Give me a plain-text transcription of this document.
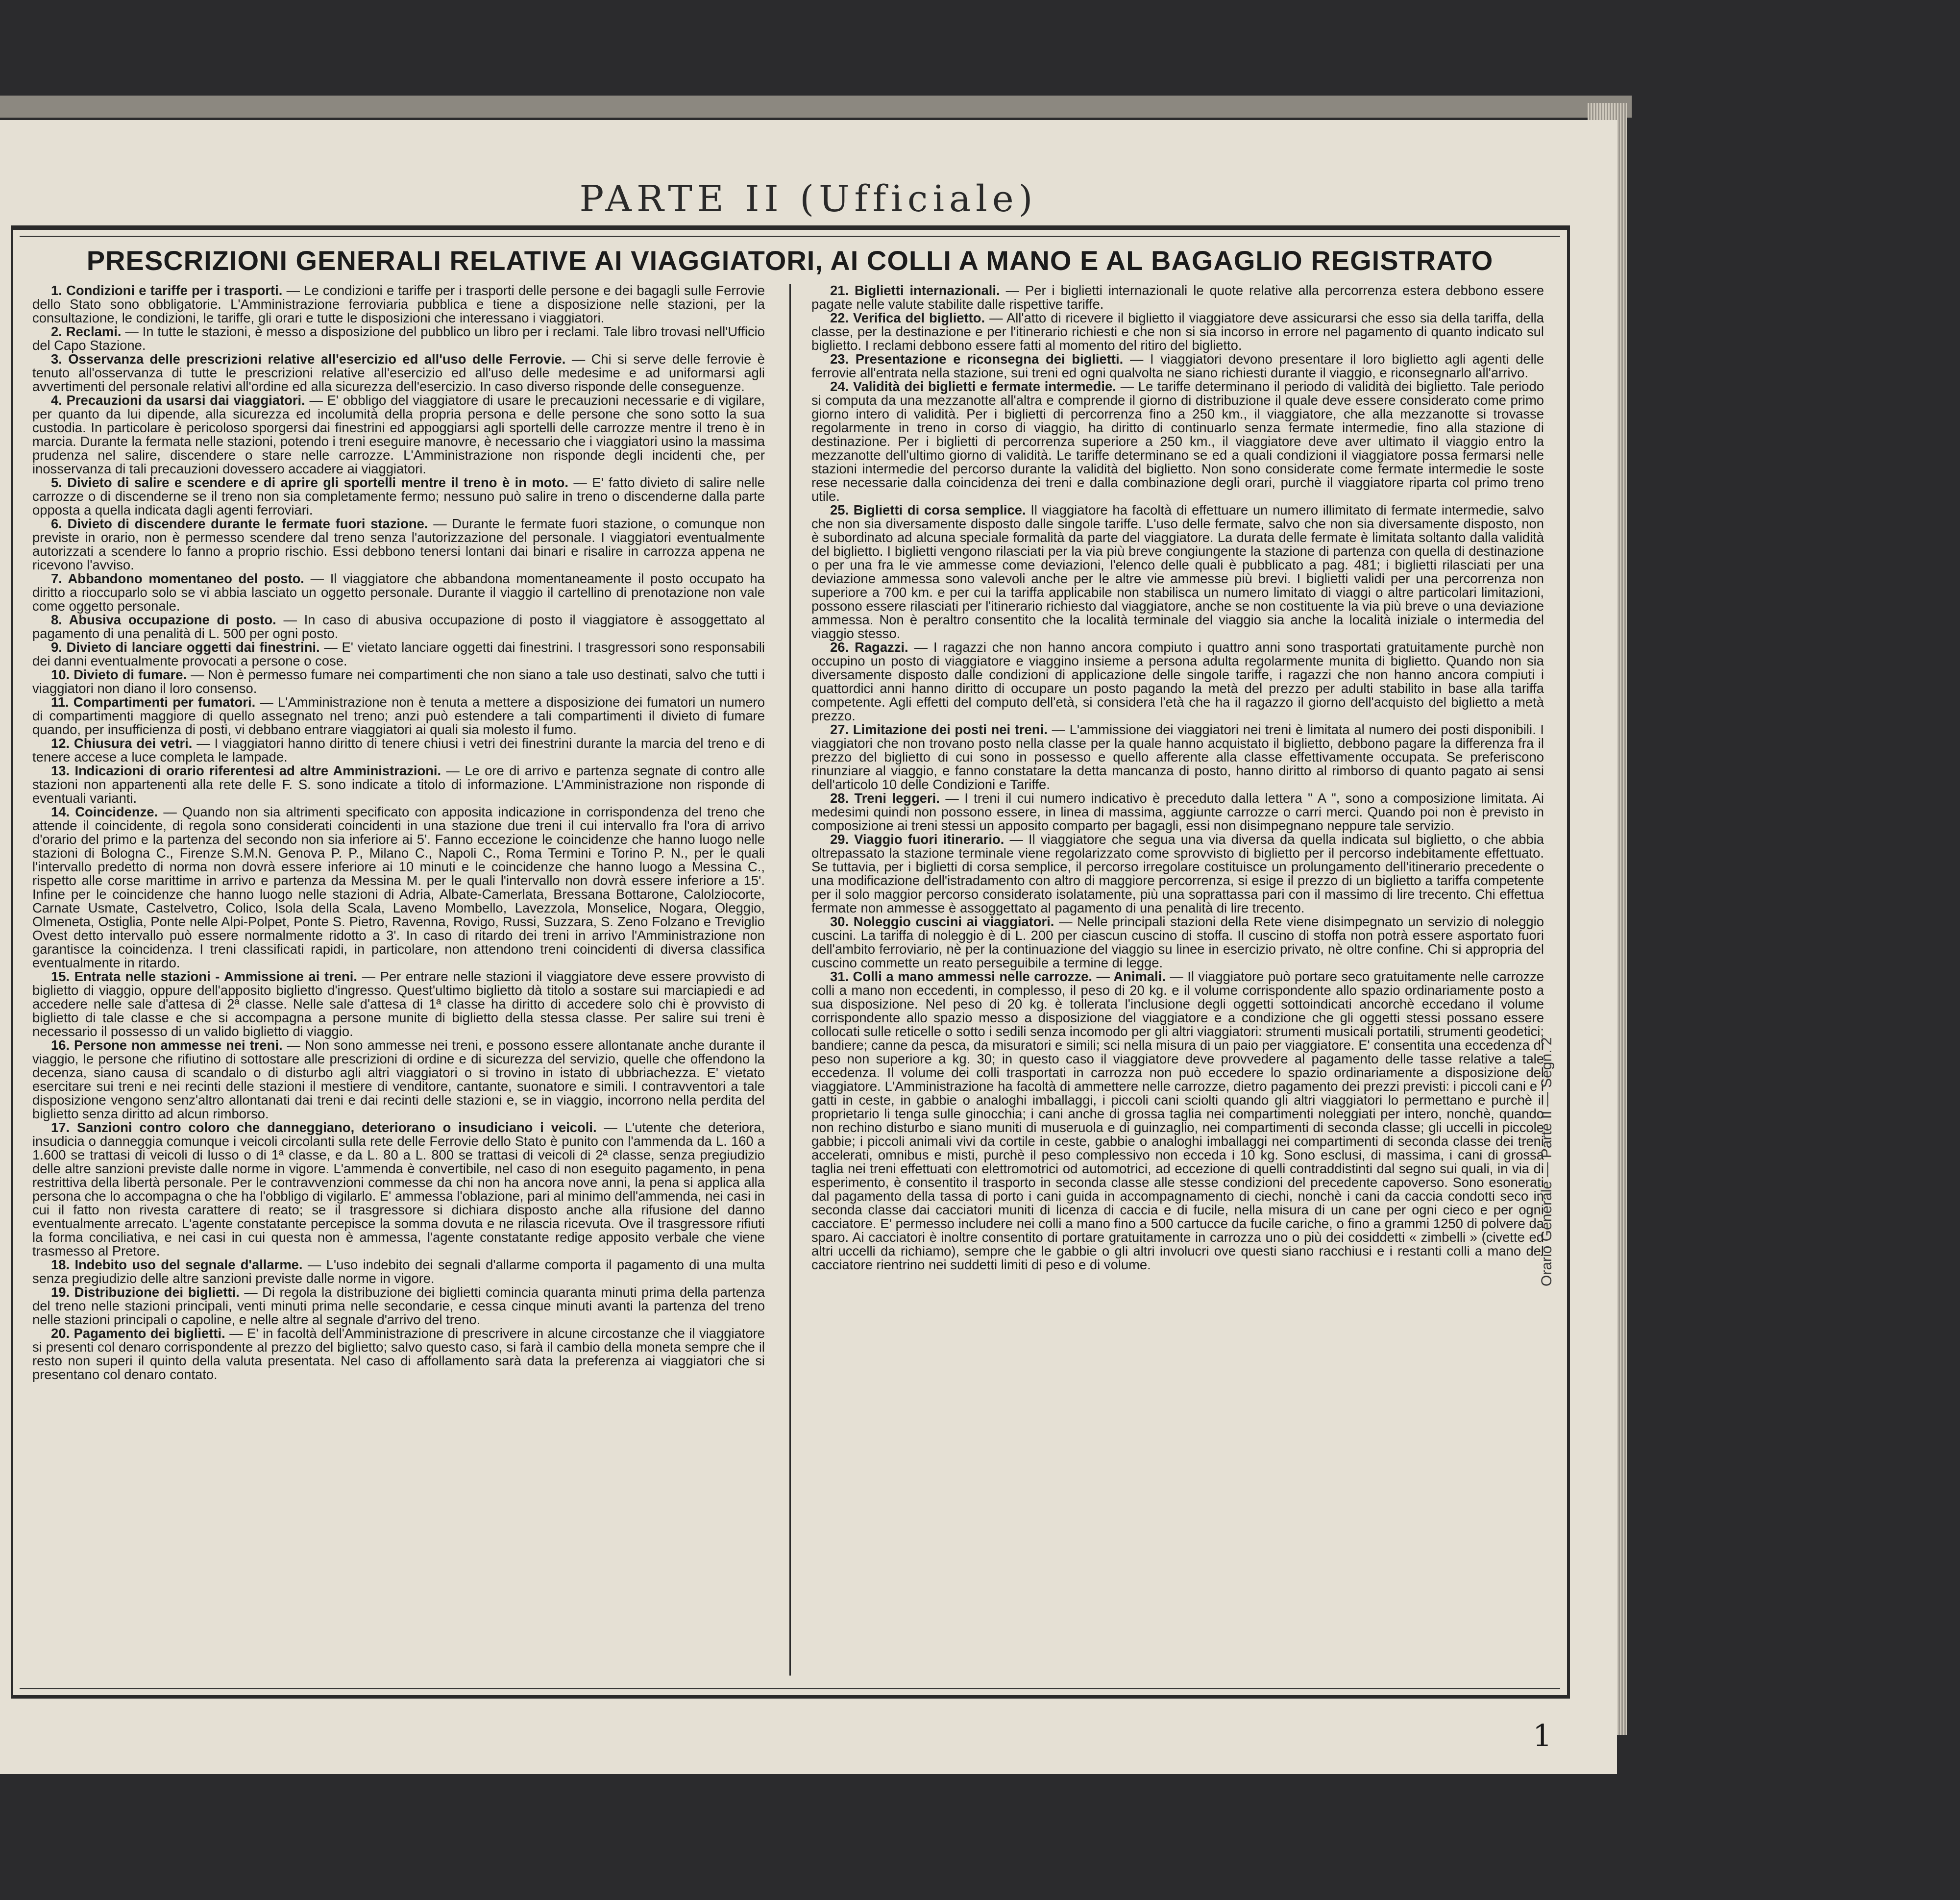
PARTE II (Ufficiale)
PRESCRIZIONI GENERALI RELATIVE AI VIAGGIATORI, AI COLLI A MANO E AL BAGAGLIO REGISTRATO

1. Condizioni e tariffe per i trasporti. — Le condizioni e tariffe per i trasporti delle persone e dei bagagli sulle Ferrovie dello Stato sono obbligatorie. L'Amministrazione ferroviaria pubblica e tiene a disposizione nelle stazioni, per la consultazione, le condizioni, le tariffe, gli orari e tutte le disposizioni che interessano i viaggiatori.

2. Reclami. — In tutte le stazioni, è messo a disposizione del pubblico un libro per i reclami. Tale libro trovasi nell'Ufficio del Capo Stazione.

3. Osservanza delle prescrizioni relative all'esercizio ed all'uso delle Ferrovie. — Chi si serve delle ferrovie è tenuto all'osservanza di tutte le prescrizioni relative all'esercizio ed all'uso delle medesime e ad uniformarsi agli avvertimenti del personale relativi all'ordine ed alla sicurezza dell'esercizio. In caso diverso risponde delle conseguenze.

4. Precauzioni da usarsi dai viaggiatori. — E' obbligo del viaggiatore di usare le precauzioni necessarie e di vigilare, per quanto da lui dipende, alla sicurezza ed incolumità della propria persona e delle persone che sono sotto la sua custodia. In particolare è pericoloso sporgersi dai finestrini ed appoggiarsi agli sportelli delle carrozze mentre il treno è in marcia. Durante la fermata nelle stazioni, potendo i treni eseguire manovre, è necessario che i viaggiatori usino la massima prudenza nel salire, discendere o stare nelle carrozze. L'Amministrazione non risponde degli incidenti che, per inosservanza di tali precauzioni dovessero accadere ai viaggiatori.

5. Divieto di salire e scendere e di aprire gli sportelli mentre il treno è in moto. — E' fatto divieto di salire nelle carrozze o di discenderne se il treno non sia completamente fermo; nessuno può salire in treno o discenderne dalla parte opposta a quella indicata dagli agenti ferroviari.

6. Divieto di discendere durante le fermate fuori stazione. — Durante le fermate fuori stazione, o comunque non previste in orario, non è permesso scendere dal treno senza l'autorizzazione del personale. I viaggiatori eventualmente autorizzati a scendere lo fanno a proprio rischio. Essi debbono tenersi lontani dai binari e risalire in carrozza appena ne ricevono l'avviso.

7. Abbandono momentaneo del posto. — Il viaggiatore che abbandona momentaneamente il posto occupato ha diritto a rioccuparlo solo se vi abbia lasciato un oggetto personale. Durante il viaggio il cartellino di prenotazione non vale come oggetto personale.

8. Abusiva occupazione di posto. — In caso di abusiva occupazione di posto il viaggiatore è assoggettato al pagamento di una penalità di L. 500 per ogni posto.

9. Divieto di lanciare oggetti dai finestrini. — E' vietato lanciare oggetti dai finestrini. I trasgressori sono responsabili dei danni eventualmente provocati a persone o cose.

10. Divieto di fumare. — Non è permesso fumare nei compartimenti che non siano a tale uso destinati, salvo che tutti i viaggiatori non diano il loro consenso.

11. Compartimenti per fumatori. — L'Amministrazione non è tenuta a mettere a disposizione dei fumatori un numero di compartimenti maggiore di quello assegnato nel treno; anzi può estendere a tali compartimenti il divieto di fumare quando, per insufficienza di posti, vi debbano entrare viaggiatori ai quali sia molesto il fumo.

12. Chiusura dei vetri. — I viaggiatori hanno diritto di tenere chiusi i vetri dei finestrini durante la marcia del treno e di tenere accese a luce completa le lampade.

13. Indicazioni di orario riferentesi ad altre Amministrazioni. — Le ore di arrivo e partenza segnate di contro alle stazioni non appartenenti alla rete delle F. S. sono indicate a titolo di informazione. L'Amministrazione non risponde di eventuali varianti.

14. Coincidenze. — Quando non sia altrimenti specificato con apposita indicazione in corrispondenza del treno che attende il coincidente, di regola sono considerati coincidenti in una stazione due treni il cui intervallo fra l'ora di arrivo d'orario del primo e la partenza del secondo non sia inferiore ai 5'. Fanno eccezione le coincidenze che hanno luogo nelle stazioni di Bologna C., Firenze S.M.N. Genova P. P., Milano C., Napoli C., Roma Termini e Torino P. N., per le quali l'intervallo predetto di norma non dovrà essere inferiore ai 10 minuti e le coincidenze che hanno luogo a Messina C., rispetto alle corse marittime in arrivo e partenza da Messina M. per le quali l'intervallo non dovrà essere inferiore a 15'. Infine per le coincidenze che hanno luogo nelle stazioni di Adria, Albate-Camerlata, Bressana Bottarone, Calolziocorte, Carnate Usmate, Castelvetro, Colico, Isola della Scala, Laveno Mombello, Lavezzola, Monselice, Nogara, Oleggio, Olmeneta, Ostiglia, Ponte nelle Alpi-Polpet, Ponte S. Pietro, Ravenna, Rovigo, Russi, Suzzara, S. Zeno Folzano e Treviglio Ovest detto intervallo può essere normalmente ridotto a 3'. In caso di ritardo dei treni in arrivo l'Amministrazione non garantisce la coincidenza. I treni classificati rapidi, in particolare, non attendono treni coincidenti di diversa classifica eventualmente in ritardo.

15. Entrata nelle stazioni - Ammissione ai treni. — Per entrare nelle stazioni il viaggiatore deve essere provvisto di biglietto di viaggio, oppure dell'apposito biglietto d'ingresso. Quest'ultimo biglietto dà titolo a sostare sui marciapiedi e ad accedere nelle sale d'attesa di 2ª classe. Nelle sale d'attesa di 1ª classe ha diritto di accedere solo chi è provvisto di biglietto di tale classe e che si accompagna a persone munite di biglietto della stessa classe. Per salire sui treni è necessario il possesso di un valido biglietto di viaggio.

16. Persone non ammesse nei treni. — Non sono ammesse nei treni, e possono essere allontanate anche durante il viaggio, le persone che rifiutino di sottostare alle prescrizioni di ordine e di sicurezza del servizio, quelle che offendono la decenza, siano causa di scandalo o di disturbo agli altri viaggiatori o si trovino in istato di ubbriachezza. E' vietato esercitare sui treni e nei recinti delle stazioni il mestiere di venditore, cantante, suonatore e simili. I contravventori a tale disposizione vengono senz'altro allontanati dai treni e dai recinti delle stazioni e, se in viaggio, incorrono nella perdita del biglietto senza diritto ad alcun rimborso.

17. Sanzioni contro coloro che danneggiano, deteriorano o insudiciano i veicoli. — L'utente che deteriora, insudicia o danneggia comunque i veicoli circolanti sulla rete delle Ferrovie dello Stato è punito con l'ammenda da L. 160 a 1.600 se trattasi di veicoli di lusso o di 1ª classe, e da L. 80 a L. 800 se trattasi di veicoli di 2ª classe, senza pregiudizio delle altre sanzioni previste dalle norme in vigore. L'ammenda è convertibile, nel caso di non eseguito pagamento, in pena restrittiva della libertà personale. Per le contravvenzioni commesse da chi non ha ancora nove anni, la pena si applica alla persona che lo accompagna o che ha l'obbligo di vigilarlo. E' ammessa l'oblazione, pari al minimo dell'ammenda, nei casi in cui il fatto non rivesta carattere di reato; se il trasgressore si dichiara disposto anche alla rifusione del danno eventualmente arrecato. L'agente constatante percepisce la somma dovuta e ne rilascia ricevuta. Ove il trasgressore rifiuti la forma conciliativa, e nei casi in cui questa non è ammessa, l'agente constatante redige apposito verbale che viene trasmesso al Pretore.

18. Indebito uso del segnale d'allarme. — L'uso indebito dei segnali d'allarme comporta il pagamento di una multa senza pregiudizio delle altre sanzioni previste dalle norme in vigore.

19. Distribuzione dei biglietti. — Di regola la distribuzione dei biglietti comincia quaranta minuti prima della partenza del treno nelle stazioni principali, venti minuti prima nelle secondarie, e cessa cinque minuti avanti la partenza del treno nelle stazioni principali o capoline, e nelle altre al segnale d'arrivo del treno.

20. Pagamento dei biglietti. — E' in facoltà dell'Amministrazione di prescrivere in alcune circostanze che il viaggiatore si presenti col denaro corrispondente al prezzo del biglietto; salvo questo caso, si farà il cambio della moneta sempre che il resto non superi il quinto della valuta presentata. Nel caso di affollamento sarà data la preferenza ai viaggiatori che si presentano col denaro contato.

21. Biglietti internazionali. — Per i biglietti internazionali le quote relative alla percorrenza estera debbono essere pagate nelle valute stabilite dalle rispettive tariffe.

22. Verifica del biglietto. — All'atto di ricevere il biglietto il viaggiatore deve assicurarsi che esso sia della tariffa, della classe, per la destinazione e per l'itinerario richiesti e che non si sia incorso in errore nel pagamento di quanto indicato sul biglietto. I reclami debbono essere fatti al momento del ritiro del biglietto.

23. Presentazione e riconsegna dei biglietti. — I viaggiatori devono presentare il loro biglietto agli agenti delle ferrovie all'entrata nella stazione, sui treni ed ogni qualvolta ne siano richiesti durante il viaggio, e riconsegnarlo all'arrivo.

24. Validità dei biglietti e fermate intermedie. — Le tariffe determinano il periodo di validità dei biglietto. Tale periodo si computa da una mezzanotte all'altra e comprende il giorno di distribuzione il quale deve essere considerato come primo giorno intero di validità. Per i biglietti di percorrenza fino a 250 km., il viaggiatore, che alla mezzanotte si trovasse regolarmente in treno in corso di viaggio, ha diritto di continuarlo senza fermate intermedie, fino alla stazione di destinazione. Per i biglietti di percorrenza superiore a 250 km., il viaggiatore deve aver ultimato il viaggio entro la mezzanotte dell'ultimo giorno di validità. Le tariffe determinano se ed a quali condizioni il viaggiatore possa fermarsi nelle stazioni intermedie del percorso durante la validità del biglietto. Non sono considerate come fermate intermedie le soste rese necessarie dalla coincidenza dei treni e dalla combinazione degli orari, purchè il viaggiatore riparta col primo treno utile.

25. Biglietti di corsa semplice. Il viaggiatore ha facoltà di effettuare un numero illimitato di fermate intermedie, salvo che non sia diversamente disposto dalle singole tariffe. L'uso delle fermate, salvo che non sia diversamente disposto, non è subordinato ad alcuna speciale formalità da parte del viaggiatore. La durata delle fermate è limitata soltanto dalla validità del biglietto. I biglietti vengono rilasciati per la via più breve congiungente la stazione di partenza con quella di destinazione o per una fra le vie ammesse come deviazioni, l'elenco delle quali è pubblicato a pag. 481; i biglietti rilasciati per una deviazione ammessa sono valevoli anche per le altre vie ammesse più brevi. I biglietti validi per una percorrenza non superiore a 700 km. e per cui la tariffa applicabile non stabilisca un numero limitato di viaggi o altre particolari limitazioni, possono essere rilasciati per l'itinerario richiesto dal viaggiatore, anche se non costituente la via più breve o una deviazione ammessa. Non è peraltro consentito che la località terminale del viaggio sia anche la località iniziale o intermedia del viaggio stesso.

26. Ragazzi. — I ragazzi che non hanno ancora compiuto i quattro anni sono trasportati gratuitamente purchè non occupino un posto di viaggiatore e viaggino insieme a persona adulta regolarmente munita di biglietto. Quando non sia diversamente disposto dalle condizioni di applicazione delle singole tariffe, i ragazzi che non hanno ancora compiuti i quattordici anni hanno diritto di occupare un posto pagando la metà del prezzo per adulti stabilito in base alla tariffa competente. Agli effetti del computo dell'età, si considera l'età che ha il ragazzo il giorno dell'acquisto del biglietto a metà prezzo.

27. Limitazione dei posti nei treni. — L'ammissione dei viaggiatori nei treni è limitata al numero dei posti disponibili. I viaggiatori che non trovano posto nella classe per la quale hanno acquistato il biglietto, debbono pagare la differenza fra il prezzo del biglietto di cui sono in possesso e quello afferente alla classe effettivamente occupata. Se preferiscono rinunziare al viaggio, e fanno constatare la detta mancanza di posto, hanno diritto al rimborso di quanto pagato ai sensi dell'articolo 10 delle Condizioni e Tariffe.

28. Treni leggeri. — I treni il cui numero indicativo è preceduto dalla lettera " A ", sono a composizione limitata. Ai medesimi quindi non possono essere, in linea di massima, aggiunte carrozze o carri merci. Quando poi non è previsto in composizione ai treni stessi un apposito comparto per bagagli, essi non disimpegnano neppure tale servizio.

29. Viaggio fuori itinerario. — Il viaggiatore che segua una via diversa da quella indicata sul biglietto, o che abbia oltrepassato la stazione terminale viene regolarizzato come sprovvisto di biglietto per il percorso indebitamente effettuato. Se tuttavia, per i biglietti di corsa semplice, il percorso irregolare costituisce un prolungamento dell'itinerario precedente o una modificazione dell'istradamento con altro di maggiore percorrenza, si esige il prezzo di un biglietto a tariffa competente per il solo maggior percorso considerato isolatamente, più una soprattassa pari con il massimo di lire trecento. Chi effettua fermate non ammesse è assoggettato al pagamento di una penalità di lire trecento.

30. Noleggio cuscini ai viaggiatori. — Nelle principali stazioni della Rete viene disimpegnato un servizio di noleggio cuscini. La tariffa di noleggio è di L. 200 per ciascun cuscino di stoffa. Il cuscino di stoffa non potrà essere asportato fuori dell'ambito ferroviario, nè per la continuazione del viaggio su linee in esercizio privato, nè oltre confine. Chi si appropria del cuscino commette un reato perseguibile a termine di legge.

31. Colli a mano ammessi nelle carrozze. — Animali. — Il viaggiatore può portare seco gratuitamente nelle carrozze colli a mano non eccedenti, in complesso, il peso di 20 kg. e il volume corrispondente allo spazio ordinariamente posto a sua disposizione. Nel peso di 20 kg. è tollerata l'inclusione degli oggetti sottoindicati ancorchè eccedano il volume corrispondente allo spazio messo a disposizione del viaggiatore e a condizione che gli oggetti stessi possano essere collocati sulle reticelle o sotto i sedili senza incomodo per gli altri viaggiatori: strumenti musicali portatili, strumenti geodetici; bandiere; canne da pesca, da misuratori e simili; sci nella misura di un paio per viaggiatore. E' consentita una eccedenza di peso non superiore a kg. 30; in questo caso il viaggiatore deve provvedere al pagamento delle tasse relative a tale eccedenza. Il volume dei colli trasportati in carrozza non può eccedere lo spazio ordinariamente a disposizione del viaggiatore. L'Amministrazione ha facoltà di ammettere nelle carrozze, dietro pagamento dei prezzi previsti: i piccoli cani e i gatti in ceste, in gabbie o analoghi imballaggi, i piccoli cani sciolti quando gli altri viaggiatori lo permettano e purchè il proprietario li tenga sulle ginocchia; i cani anche di grossa taglia nei compartimenti noleggiati per intero, nonchè, quando non rechino disturbo e siano muniti di museruola e di guinzaglio, nei compartimenti di seconda classe; gli uccelli in piccole gabbie; i piccoli animali vivi da cortile in ceste, gabbie o analoghi imballaggi nei compartimenti di seconda classe dei treni accelerati, omnibus e misti, purchè il peso complessivo non ecceda i 10 kg. Sono esclusi, di massima, i cani di grossa taglia nei treni effettuati con elettromotrici od automotrici, ad eccezione di quelli contraddistinti dal segno sui quali, in via di esperimento, è consentito il trasporto in seconda classe alle stesse condizioni del precedente capoverso. Sono esonerati dal pagamento della tassa di porto i cani guida in accompagnamento di ciechi, nonchè i cani da caccia condotti seco in seconda classe dai cacciatori muniti di licenza di caccia e di fucile, nella misura di un cane per ogni cieco e per ogni cacciatore. E' permesso includere nei colli a mano fino a 500 cartucce da fucile cariche, o fino a grammi 1250 di polvere da sparo. Ai cacciatori è inoltre consentito di portare gratuitamente in carrozza uno o più dei cosiddetti « zimbelli » (civette ed altri uccelli da richiamo), sempre che le gabbie o gli altri involucri ove questi siano racchiusi e i restanti colli a mano del cacciatore rientrino nei suddetti limiti di peso e di volume.	Orario Generale — Parte II — Segn. 2
1
